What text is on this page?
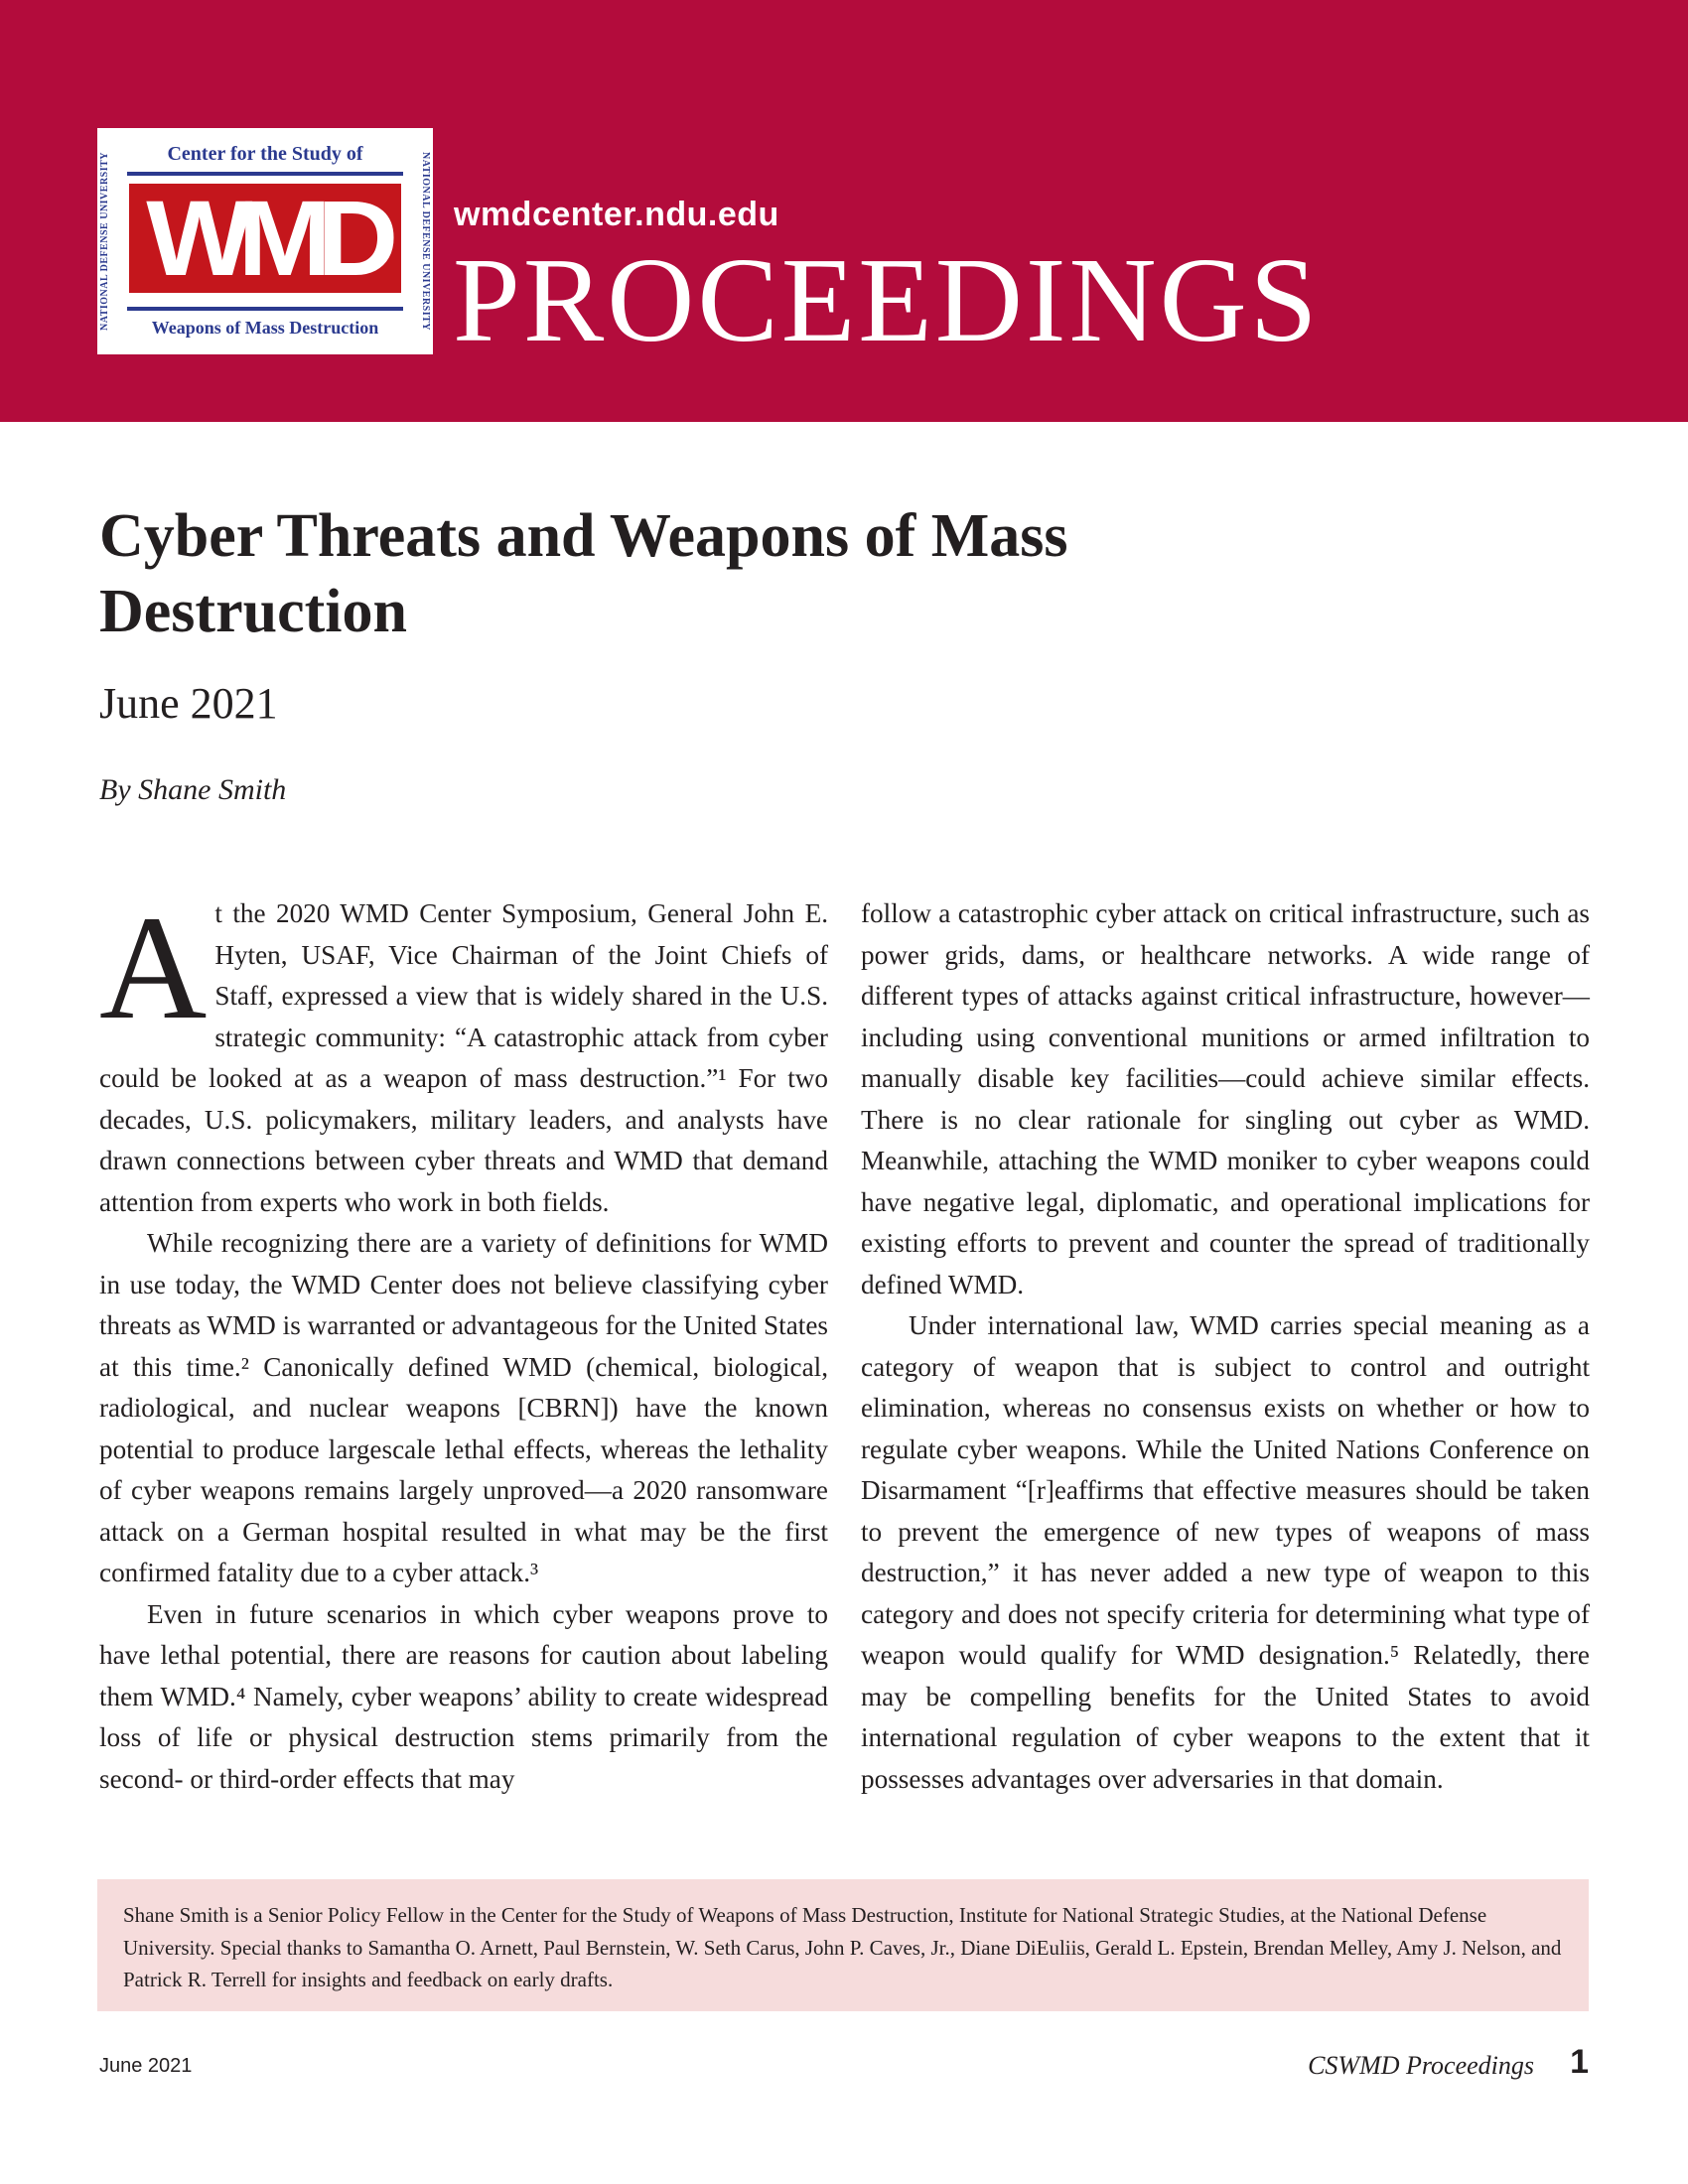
NATIONAL DEFENSE UNIVERSITY	NATIONAL DEFENSE UNIVERSITY
Center for the Study of
WMD
Weapons of Mass Destruction
wmdcenter.ndu.edu
PROCEEDINGS
Cyber Threats and Weapons of Mass Destruction
June 2021
By Shane Smith

At the 2020 WMD Center Symposium, General John E. Hyten, USAF, Vice Chairman of the Joint Chiefs of Staff, expressed a view that is widely shared in the U.S. strategic community: “A catastrophic attack from cyber could be looked at as a weapon of mass destruction.”¹ For two decades, U.S. policymakers, military leaders, and analysts have drawn connections between cyber threats and WMD that demand attention from experts who work in both fields.

While recognizing there are a variety of definitions for WMD in use today, the WMD Center does not believe classifying cyber threats as WMD is warranted or advantageous for the United States at this time.² Canonically defined WMD (chemical, biological, radiological, and nuclear weapons [CBRN]) have the known potential to produce largescale lethal effects, whereas the lethality of cyber weapons remains largely unproved—a 2020 ransomware attack on a German hospital resulted in what may be the first confirmed fatality due to a cyber attack.³

Even in future scenarios in which cyber weapons prove to have lethal potential, there are reasons for caution about labeling them WMD.⁴ Namely, cyber weapons’ ability to create widespread loss of life or physical destruction stems primarily from the second- or third-order effects that may

follow a catastrophic cyber attack on critical infrastructure, such as power grids, dams, or healthcare networks. A wide range of different types of attacks against critical infrastructure, however—including using conventional munitions or armed infiltration to manually disable key facilities—could achieve similar effects. There is no clear rationale for singling out cyber as WMD. Meanwhile, attaching the WMD moniker to cyber weapons could have negative legal, diplomatic, and operational implications for existing efforts to prevent and counter the spread of traditionally defined WMD.

Under international law, WMD carries special meaning as a category of weapon that is subject to control and outright elimination, whereas no consensus exists on whether or how to regulate cyber weapons. While the United Nations Conference on Disarmament “[r]eaffirms that effective measures should be taken to prevent the emergence of new types of weapons of mass destruction,” it has never added a new type of weapon to this category and does not specify criteria for determining what type of weapon would qualify for WMD designation.⁵ Relatedly, there may be compelling benefits for the United States to avoid international regulation of cyber weapons to the extent that it possesses advantages over adversaries in that domain.

Shane Smith is a Senior Policy Fellow in the Center for the Study of Weapons of Mass Destruction, Institute for National Strategic Studies, at the National Defense University. Special thanks to Samantha O. Arnett, Paul Bernstein, W. Seth Carus, John P. Caves, Jr., Diane DiEuliis, Gerald L. Epstein, Brendan Melley, Amy J. Nelson, and Patrick R. Terrell for insights and feedback on early drafts.
June 2021	CSWMD Proceedings 1
